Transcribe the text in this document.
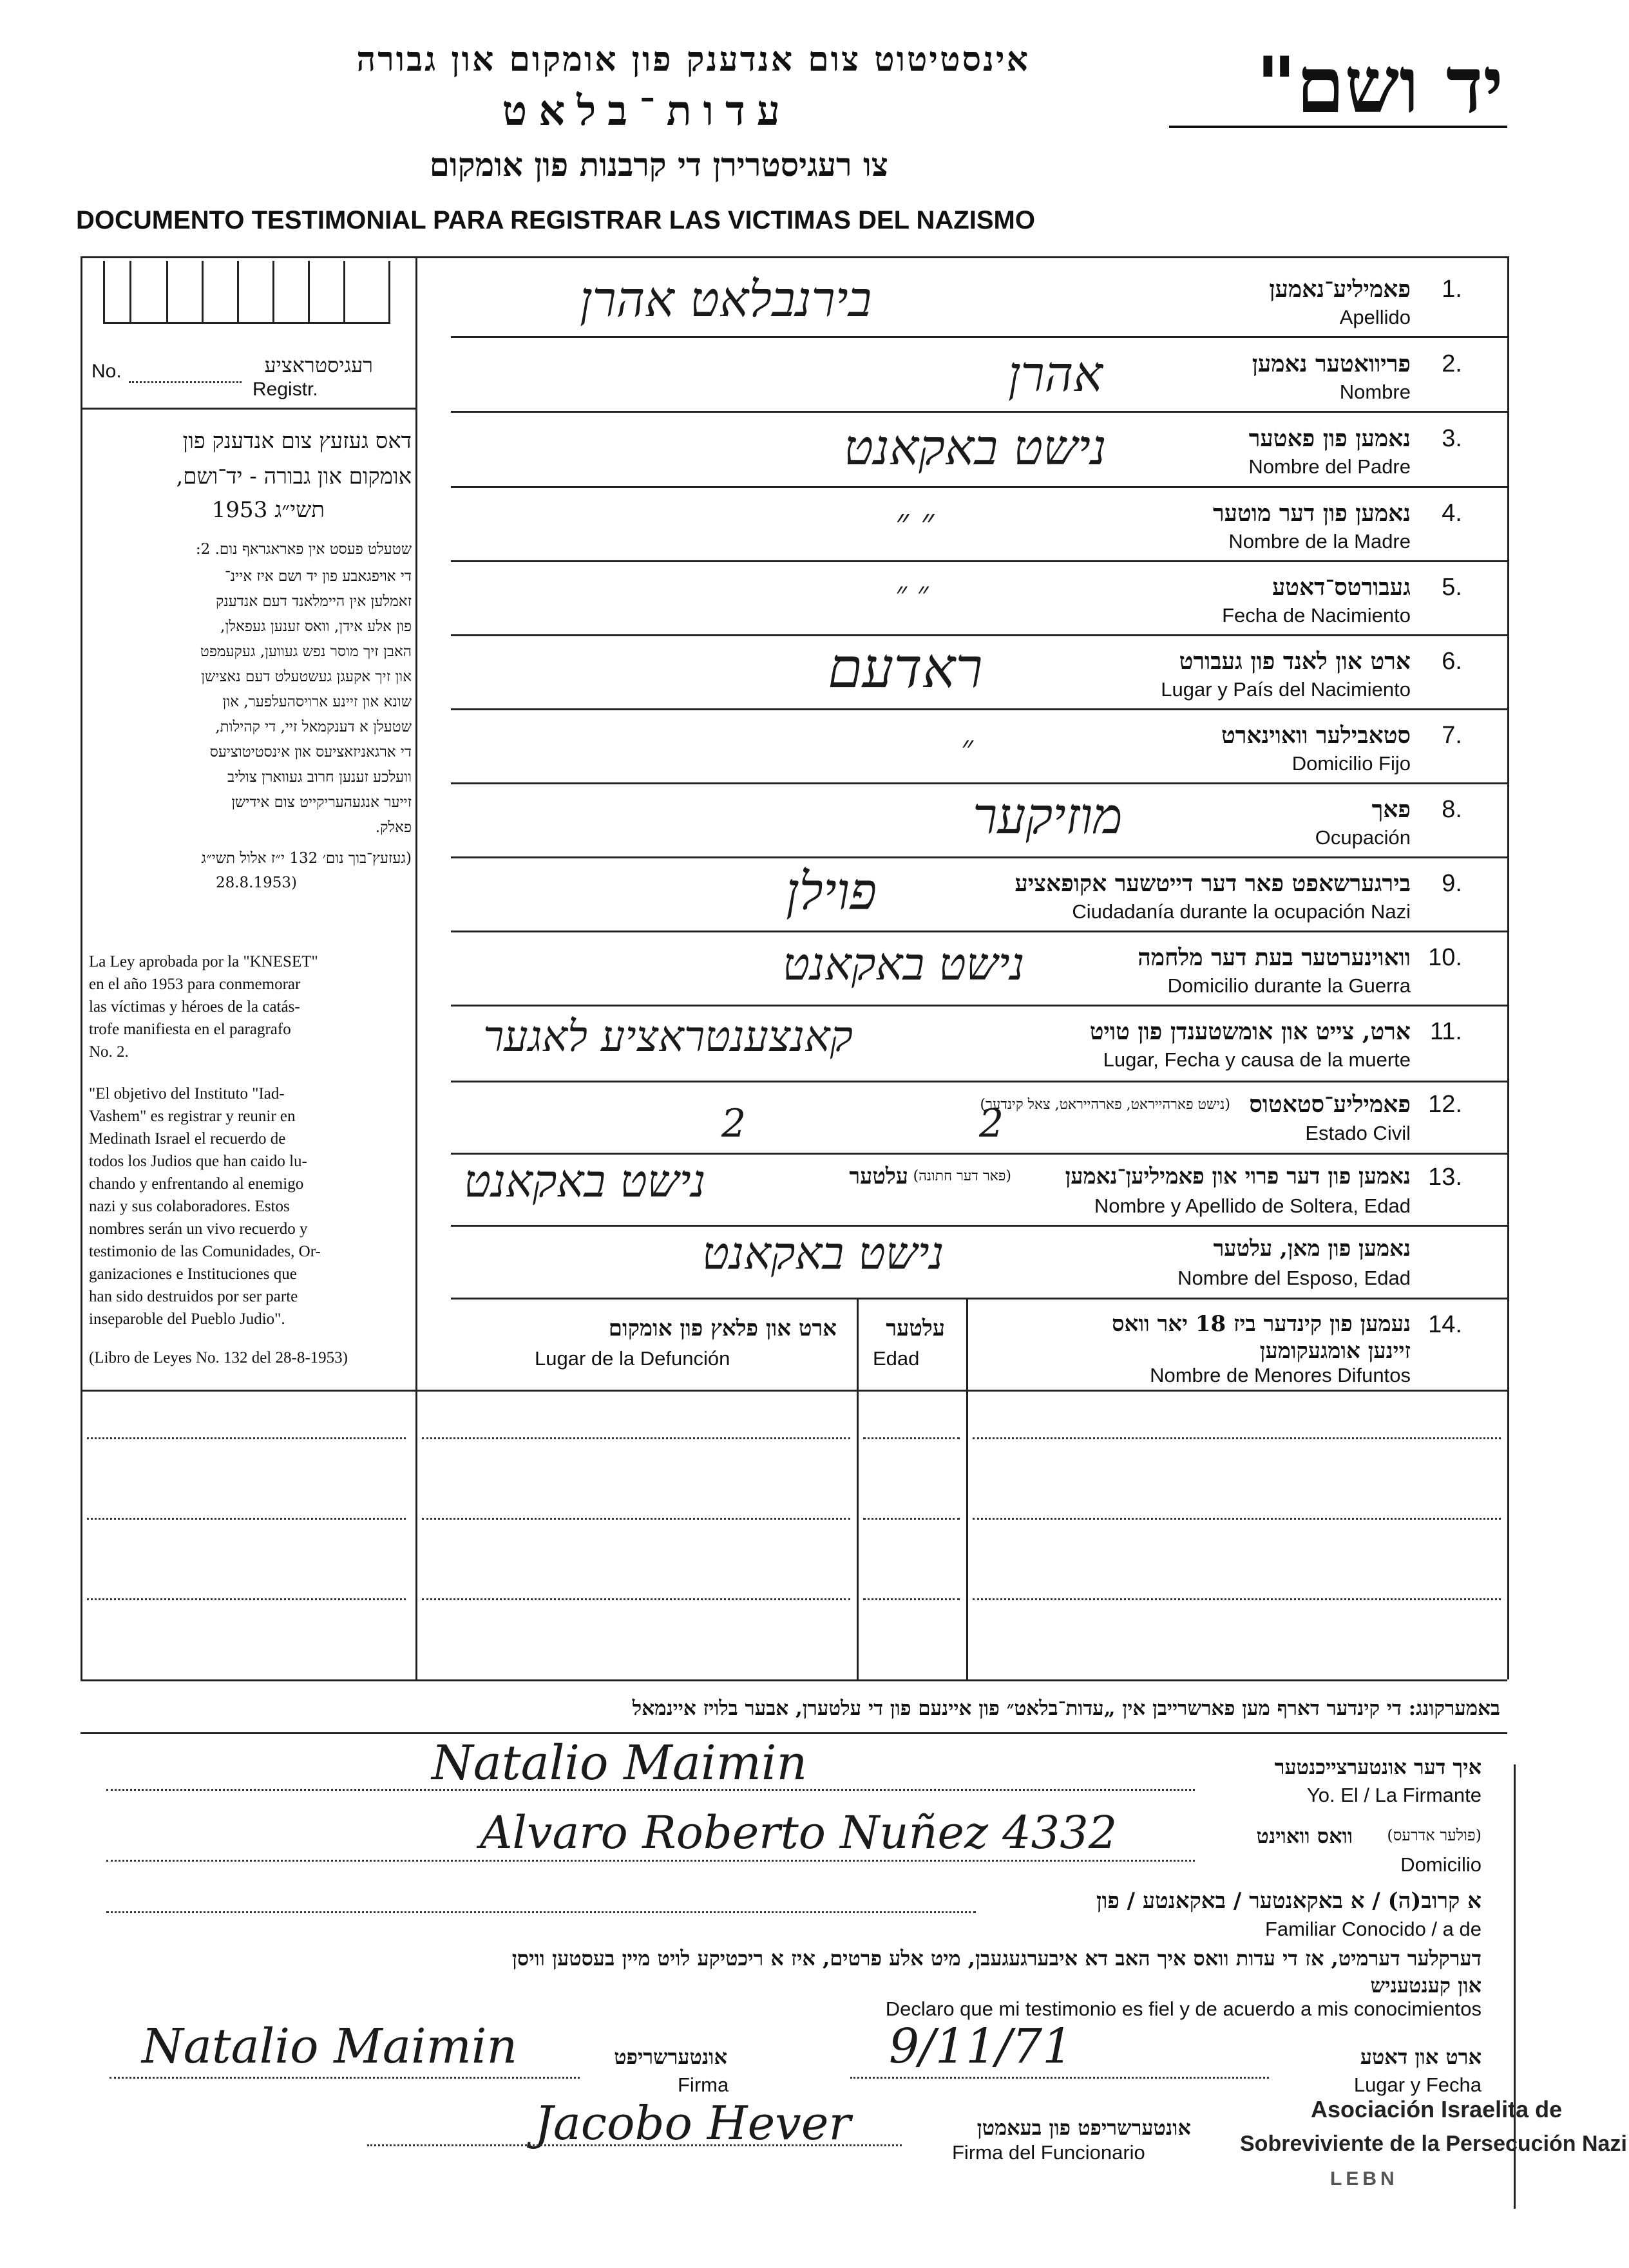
אינסטיטוט צום אנדענק פון אומקום און גבורה
עדות־בלאט
צו רעגיסטרירן די קרבנות פון אומקום
יד ושם"
DOCUMENTO TESTIMONIAL PARA REGISTRAR LAS VICTIMAS DEL NAZISMO
No.	רעגיסטראציע
Registr.
דאס געזעץ צום אנדענק פון
אומקום און גבורה - יד־ושם,
תשי״ג 1953
שטעלט פעסט אין פאראגראף נום. 2:
די אויפגאבע פון יד ושם איז איינ־
זאמלען אין היימלאנד דעם אנדענק
פון אלע אידן, וואס זענען געפאלן,
האבן זיך מוסר נפש געווען, געקעמפט
און זיך אקעגן געשטעלט דעם נאצישן
שונא און זיינע ארויסהעלפער, און
שטעלן א דענקמאל זיי, די קהילות,
די ארגאניזאציעס און אינסטיטוציעס
וועלכע זענען חרוב געווארן צוליב
זייער אנגעהעריקייט צום אידישן
פאלק.
(געזעץ־בוך נום׳ 132 י״ז אלול תשי״ג
(28.8.1953
La Ley aprobada por la "KNESET"
en el año 1953 para conmemorar
las víctimas y héroes de la catás-
trofe manifiesta en el paragrafo
No. 2.
"El objetivo del Instituto "Iad-
Vashem" es registrar y reunir en
Medinath Israel el recuerdo de
todos los Judios que han caido lu-
chando y enfrentando al enemigo
nazi y sus colaboradores. Estos
nombres serán un vivo recuerdo y
testimonio de las Comunidades, Or-
ganizaciones e Instituciones que
han sido destruidos por ser parte
inseparoble del Pueblo Judio".
(Libro de Leyes No. 132 del 28-8-1953)
בירנבלאט אהרן	פאמיליע־נאמען
Apellido
1.
אהרן	פריוואטער נאמען
Nombre
2.
נישט באקאנט	נאמען פון פאטער
Nombre del Padre
3.
״ ״	נאמען פון דער מוטער
Nombre de la Madre
4.
״ ״	געבורטס־דאטע
Fecha de Nacimiento
5.
ראדעם	ארט און לאנד פון געבורט
Lugar y País del Nacimiento
6.
״	סטאבילער וואוינארט
Domicilio Fijo
7.
מוזיקער	פאך
Ocupación
8.
פוילן	בירגערשאפט פאר דער דייטשער אקופאציע
Ciudadanía durante la ocupación Nazi
9.
נישט באקאנט	וואוינערטער בעת דער מלחמה
Domicilio durante la Guerra
10.
קאנצענטראציע לאגער	ארט, צייט און אומשטענדן פון טויט
Lugar, Fecha y causa de la muerte
11.
2	2	פאמיליע־סטאטוס
(נישט פארהייראט, פארהייראט, צאל קינדער)
Estado Civil
12.
נישט באקאנט	נאמען פון דער פרוי און פאמיליען־נאמען
(פאר דער חתונה)
עלטער
Nombre y Apellido de Soltera, Edad
13.
נישט באקאנט	נאמען פון מאן, עלטער
Nombre del Esposo, Edad
נעמען פון קינדער ביז 18 יאר וואס
זיינען אומגעקומען
Nombre de Menores Difuntos
14.
ארט און פלאץ פון אומקום
Lugar de la Defunción
עלטער
Edad
באמערקונג: די קינדער דארף מען פארשרייבן אין „עדות־בלאט״ פון איינעם פון די עלטערן, אבער בלויז איינמאל
Natalio Maimin	איך דער אונטערצייכנטער
Yo. El / La Firmante
Alvaro Roberto Nuñez 4332	וואס וואוינט (פולער אדרעס)
Domicilio
א קרוב(ה) / א באקאנטער / באקאנטע / פון
Familiar Conocido / a de
דערקלער דערמיט, אז די עדות וואס איך האב דא איבערגעגעבן, מיט אלע פרטים, איז א ריכטיקע לויט מיין בעסטען וויסן
און קענטעניש
Declaro que mi testimonio es fiel y de acuerdo a mis conocimientos
Natalio Maimin	אונטערשריפט
Firma
9/11/71	ארט און דאטע
Lugar y Fecha
Jacobo Hever	אונטערשריפט פון בעאמטן
Firma del Funcionario
Asociación Israelita de
Sobreviviente de la Persecución Nazi
LEBN
